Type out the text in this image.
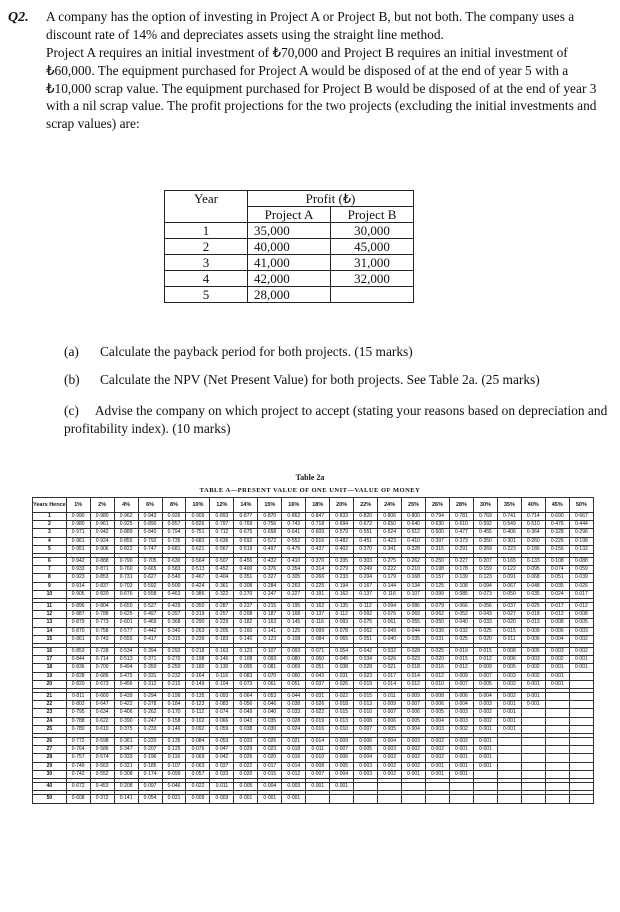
Q2. A company has the option of investing in Project A or Project B, but not both. The company uses a discount rate of 14% and depreciates assets using the straight line method.
Project A requires an initial investment of ₺70,000 and Project B requires an initial investment of ₺60,000. The equipment purchased for Project A would be disposed of at the end of year 5 with a ₺10,000 scrap value. The equipment purchased for Project B would be disposed of at the end of year 3 with a nil scrap value. The profit projections for the two projects (excluding the initial investments and scrap values) are:
Year	Profit (₺)	
	Project A	Project B
1	35,000	30,000
2	40,000	45,000
3	41,000	31,000
4	42,000	32,000
5	28,000	
(a) Calculate the payback period for both projects. (15 marks)
(b) Calculate the NPV (Net Present Value) for both projects. See Table 2a. (25 marks)
(c)     Advise the company on which project to accept (stating your reasons based on depreciation and profitability index). (10 marks)
Table 2a
TABLE A—PRESENT VALUE OF ONE UNIT—VALUE OF MONEY
Years Hence	1%	2%	4%	6%	8%	10%	12%	14%	15%	16%	18%	20%	22%	24%	25%	26%	28%	30%	35%	40%	45%	50%
1	0·990	0·980	0·962	0·943	0·926	0·909	0·893	0·877	0·870	0·862	0·847	0·833	0·820	0·806	0·800	0·794	0·781	0·769	0·741	0·714	0·690	0·667
2	0·980	0·961	0·925	0·890	0·857	0·826	0·797	0·769	0·756	0·743	0·718	0·694	0·672	0·650	0·640	0·630	0·610	0·592	0·549	0·510	0·476	0·444
3	0·971	0·942	0·889	0·840	0·794	0·751	0·712	0·675	0·658	0·641	0·609	0·579	0·551	0·524	0·512	0·500	0·477	0·455	0·406	0·364	0·328	0·296
4	0·961	0·924	0·855	0·792	0·735	0·683	0·636	0·592	0·572	0·552	0·516	0·482	0·451	0·423	0·410	0·397	0·373	0·350	0·301	0·260	0·226	0·198
5	0·951	0·906	0·822	0·747	0·681	0·621	0·567	0·519	0·497	0·476	0·437	0·402	0·370	0·341	0·328	0·315	0·291	0·269	0·223	0·186	0·156	0·132

6	0·942	0·888	0·790	0·705	0·630	0·564	0·507	0·456	0·432	0·410	0·370	0·335	0·303	0·275	0·262	0·250	0·227	0·207	0·165	0·133	0·108	0·088
7	0·933	0·871	0·760	0·665	0·583	0·513	0·452	0·400	0·376	0·354	0·314	0·279	0·249	0·222	0·210	0·198	0·178	0·159	0·122	0·095	0·074	0·059
8	0·923	0·853	0·731	0·627	0·540	0·467	0·404	0·351	0·327	0·305	0·266	0·233	0·204	0·179	0·168	0·157	0·139	0·123	0·091	0·068	0·051	0·039
9	0·914	0·837	0·703	0·592	0·500	0·424	0·361	0·308	0·284	0·263	0·225	0·194	0·167	0·144	0·134	0·125	0·108	0·094	0·067	0·048	0·035	0·026
10	0·905	0·820	0·676	0·558	0·463	0·386	0·322	0·270	0·247	0·227	0·191	0·162	0·137	0·116	0·107	0·099	0·085	0·073	0·050	0·035	0·024	0·017

11	0·896	0·804	0·650	0·527	0·429	0·350	0·287	0·237	0·215	0·195	0·162	0·135	0·112	0·094	0·086	0·079	0·066	0·056	0·037	0·025	0·017	0·012
12	0·887	0·788	0·625	0·497	0·397	0·319	0·257	0·208	0·187	0·168	0·137	0·112	0·092	0·076	0·069	0·062	0·052	0·043	0·027	0·018	0·012	0·008
13	0·879	0·773	0·601	0·469	0·368	0·290	0·229	0·182	0·163	0·145	0·116	0·093	0·075	0·061	0·055	0·050	0·040	0·033	0·020	0·013	0·008	0·005
14	0·870	0·758	0·577	0·442	0·340	0·263	0·205	0·160	0·141	0·125	0·099	0·078	0·062	0·049	0·044	0·039	0·032	0·025	0·015	0·009	0·006	0·003
15	0·861	0·743	0·555	0·417	0·315	0·239	0·183	0·140	0·123	0·108	0·084	0·065	0·051	0·040	0·035	0·031	0·025	0·020	0·011	0·006	0·004	0·002

16	0·853	0·728	0·534	0·394	0·292	0·218	0·163	0·123	0·107	0·093	0·071	0·054	0·042	0·032	0·028	0·025	0·019	0·015	0·008	0·005	0·003	0·002
17	0·844	0·714	0·513	0·371	0·270	0·198	0·146	0·108	0·093	0·080	0·060	0·045	0·034	0·026	0·023	0·020	0·015	0·012	0·006	0·003	0·002	0·001
18	0·836	0·700	0·494	0·350	0·250	0·180	0·130	0·095	0·081	0·069	0·051	0·038	0·028	0·021	0·018	0·016	0·012	0·009	0·005	0·002	0·001	0·001
19	0·828	0·686	0·475	0·331	0·232	0·164	0·116	0·083	0·070	0·060	0·043	0·031	0·023	0·017	0·014	0·012	0·009	0·007	0·003	0·002	0·001	
20	0·820	0·673	0·456	0·312	0·215	0·149	0·104	0·073	0·061	0·051	0·037	0·026	0·019	0·014	0·012	0·010	0·007	0·005	0·002	0·001	0·001	

21	0·811	0·660	0·439	0·294	0·199	0·135	0·093	0·064	0·053	0·044	0·031	0·022	0·015	0·011	0·009	0·008	0·006	0·004	0·002	0·001		
22	0·803	0·647	0·422	0·278	0·184	0·123	0·083	0·056	0·046	0·038	0·026	0·018	0·013	0·009	0·007	0·006	0·004	0·003	0·001	0·001		
23	0·795	0·634	0·406	0·262	0·170	0·112	0·074	0·049	0·040	0·033	0·022	0·015	0·010	0·007	0·006	0·005	0·003	0·002	0·001			
24	0·788	0·622	0·390	0·247	0·158	0·102	0·066	0·043	0·035	0·028	0·019	0·013	0·008	0·006	0·005	0·004	0·003	0·002	0·001			
25	0·780	0·610	0·375	0·233	0·146	0·092	0·059	0·038	0·030	0·024	0·016	0·010	0·007	0·005	0·004	0·003	0·002	0·001	0·001			

26	0·772	0·598	0·361	0·220	0·135	0·084	0·053	0·033	0·026	0·021	0·014	0·009	0·006	0·004	0·003	0·002	0·002	0·001				
27	0·764	0·586	0·347	0·207	0·125	0·076	0·047	0·029	0·023	0·018	0·011	0·007	0·005	0·003	0·002	0·002	0·001	0·001				
28	0·757	0·574	0·333	0·196	0·116	0·069	0·042	0·026	0·020	0·016	0·010	0·006	0·004	0·002	0·002	0·002	0·001	0·001				
29	0·749	0·563	0·321	0·185	0·107	0·063	0·037	0·022	0·017	0·014	0·008	0·005	0·003	0·002	0·002	0·001	0·001	0·001				
30	0·742	0·552	0·308	0·174	0·099	0·057	0·033	0·020	0·015	0·012	0·007	0·004	0·003	0·002	0·001	0·001	0·001					

40	0·672	0·453	0·208	0·097	0·046	0·022	0·011	0·005	0·004	0·003	0·001	0·001										

50	0·608	0·372	0·141	0·054	0·021	0·009	0·003	0·001	0·001	0·001												
